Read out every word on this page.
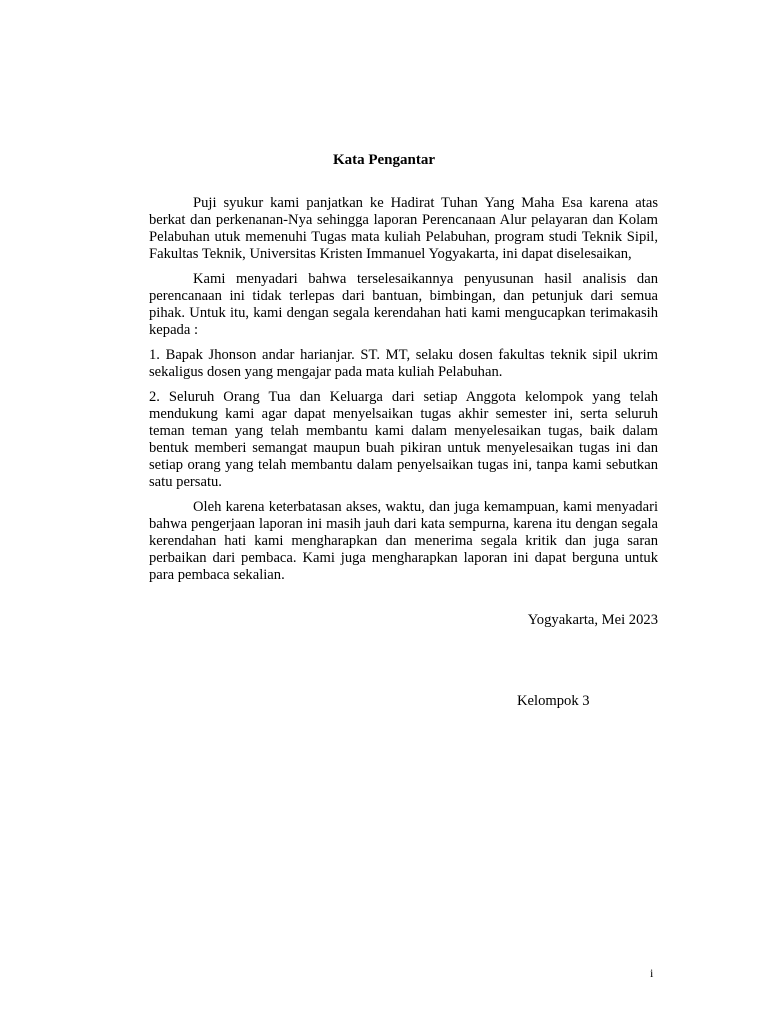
Kata Pengantar

Puji syukur kami panjatkan ke Hadirat Tuhan Yang Maha Esa karena atas berkat dan perkenanan-Nya sehingga laporan Perencanaan Alur pelayaran dan Kolam Pelabuhan utuk memenuhi Tugas mata kuliah Pelabuhan, program studi Teknik Sipil, Fakultas Teknik, Universitas Kristen Immanuel Yogyakarta, ini dapat diselesaikan,

Kami menyadari bahwa terselesaikannya penyusunan hasil analisis dan perencanaan ini tidak terlepas dari bantuan, bimbingan, dan petunjuk dari semua pihak. Untuk itu, kami dengan segala kerendahan hati kami mengucapkan terimakasih kepada :

1. Bapak Jhonson andar harianjar. ST. MT, selaku dosen fakultas teknik sipil ukrim sekaligus dosen yang mengajar pada mata kuliah Pelabuhan.

2. Seluruh Orang Tua dan Keluarga dari setiap Anggota kelompok yang telah mendukung kami agar dapat menyelsaikan tugas akhir semester ini, serta seluruh teman teman yang telah membantu kami dalam menyelesaikan tugas, baik dalam bentuk memberi semangat maupun buah pikiran untuk menyelesaikan tugas ini dan setiap orang yang telah membantu dalam penyelsaikan tugas ini, tanpa kami sebutkan satu persatu.

Oleh karena keterbatasan akses, waktu, dan juga kemampuan, kami menyadari bahwa pengerjaan laporan ini masih jauh dari kata sempurna, karena itu dengan segala kerendahan hati kami mengharapkan dan menerima segala kritik dan juga saran perbaikan dari pembaca. Kami juga mengharapkan laporan ini dapat berguna untuk para pembaca sekalian.

Yogyakarta, Mei 2023
Kelompok 3
i
